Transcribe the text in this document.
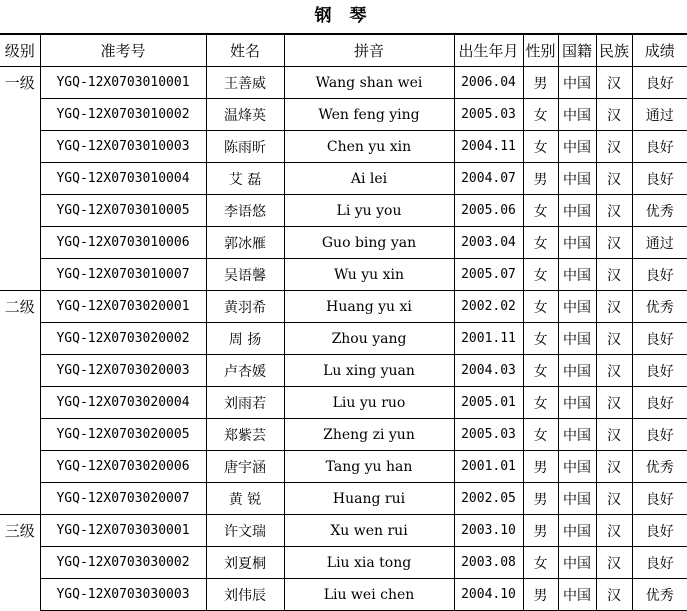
钢 琴
级别	准考号	姓名	拼音	出生年月	性别	国籍	民族	成绩
一级	YGQ-12X0703010001	王善威	Wang shan wei	2006.04	男	中国	汉	良好
	YGQ-12X0703010002	温烽英	Wen feng ying	2005.03	女	中国	汉	通过
	YGQ-12X0703010003	陈雨昕	Chen yu xin	2004.11	女	中国	汉	良好
	YGQ-12X0703010004	艾 磊	Ai lei	2004.07	男	中国	汉	良好
	YGQ-12X0703010005	李语悠	Li yu you	2005.06	女	中国	汉	优秀
	YGQ-12X0703010006	郭冰雁	Guo bing yan	2003.04	女	中国	汉	通过
	YGQ-12X0703010007	吴语馨	Wu yu xin	2005.07	女	中国	汉	良好
二级	YGQ-12X0703020001	黄羽希	Huang yu xi	2002.02	女	中国	汉	优秀
	YGQ-12X0703020002	周 扬	Zhou yang	2001.11	女	中国	汉	良好
	YGQ-12X0703020003	卢杏媛	Lu xing yuan	2004.03	女	中国	汉	良好
	YGQ-12X0703020004	刘雨若	Liu yu ruo	2005.01	女	中国	汉	良好
	YGQ-12X0703020005	郑紫芸	Zheng zi yun	2005.03	女	中国	汉	良好
	YGQ-12X0703020006	唐宇涵	Tang yu han	2001.01	男	中国	汉	优秀
	YGQ-12X0703020007	黄 锐	Huang rui	2002.05	男	中国	汉	良好
三级	YGQ-12X0703030001	许文瑞	Xu wen rui	2003.10	男	中国	汉	良好
	YGQ-12X0703030002	刘夏桐	Liu xia tong	2003.08	女	中国	汉	良好
	YGQ-12X0703030003	刘伟辰	Liu wei chen	2004.10	男	中国	汉	优秀
